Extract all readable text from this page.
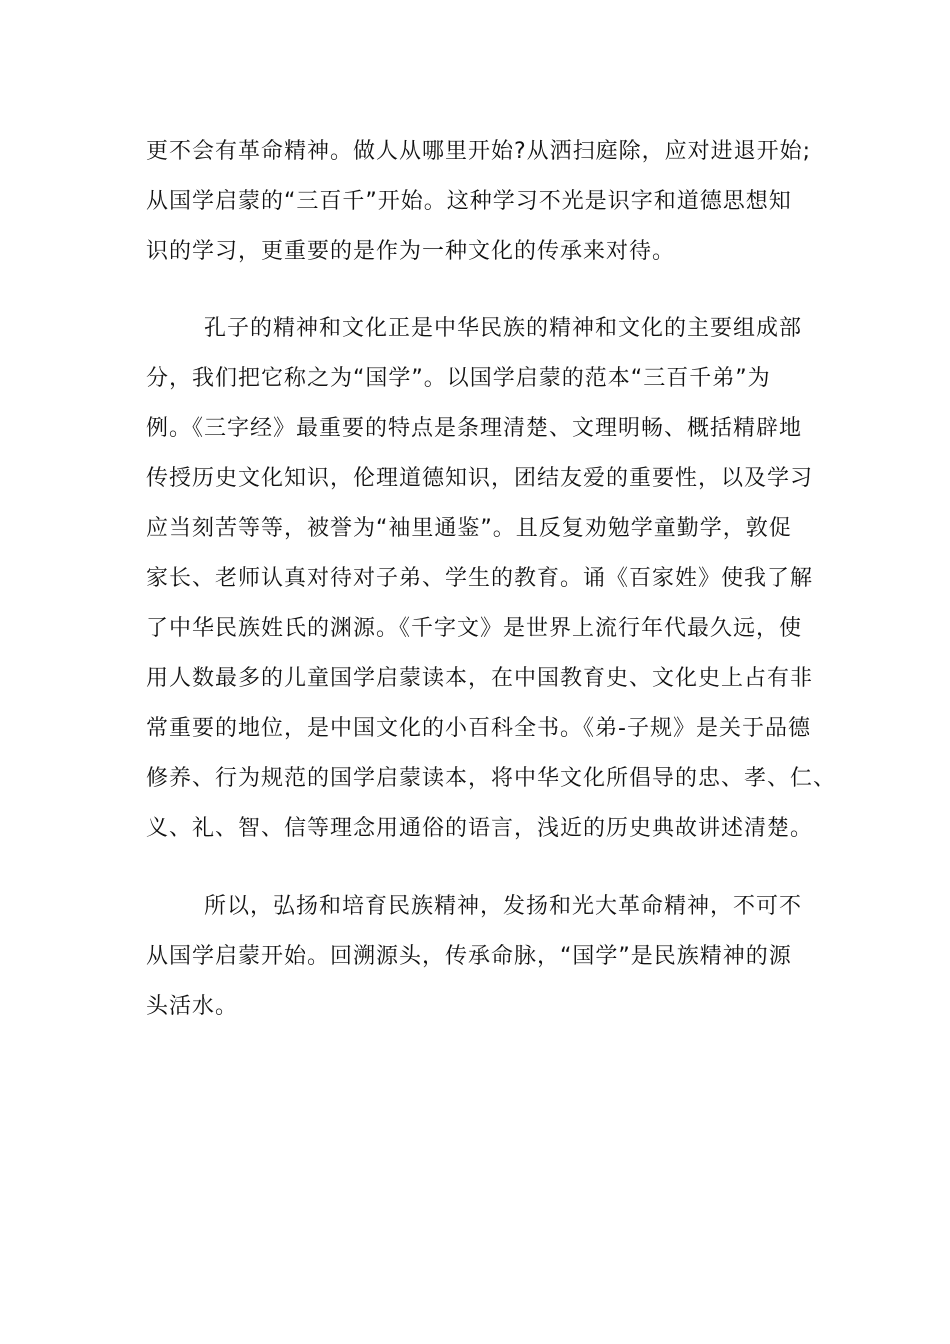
更不会有革命精神。做人从哪里开始?从洒扫庭除，应对进退开始;
从国学启蒙的“三百千”开始。这种学习不光是识字和道德思想知
识的学习，更重要的是作为一种文化的传承来对待。

孔子的精神和文化正是中华民族的精神和文化的主要组成部
分，我们把它称之为“国学”。以国学启蒙的范本“三百千弟”为
例。《三字经》最重要的特点是条理清楚、文理明畅、概括精辟地
传授历史文化知识，伦理道德知识，团结友爱的重要性，以及学习
应当刻苦等等，被誉为“袖里通鉴”。且反复劝勉学童勤学，敦促
家长、老师认真对待对子弟、学生的教育。诵《百家姓》使我了解
了中华民族姓氏的渊源。《千字文》是世界上流行年代最久远，使
用人数最多的儿童国学启蒙读本，在中国教育史、文化史上占有非
常重要的地位，是中国文化的小百科全书。《弟-子规》是关于品德
修养、行为规范的国学启蒙读本，将中华文化所倡导的忠、孝、仁、
义、礼、智、信等理念用通俗的语言，浅近的历史典故讲述清楚。

所以，弘扬和培育民族精神，发扬和光大革命精神，不可不
从国学启蒙开始。回溯源头，传承命脉，“国学”是民族精神的源
头活水。
